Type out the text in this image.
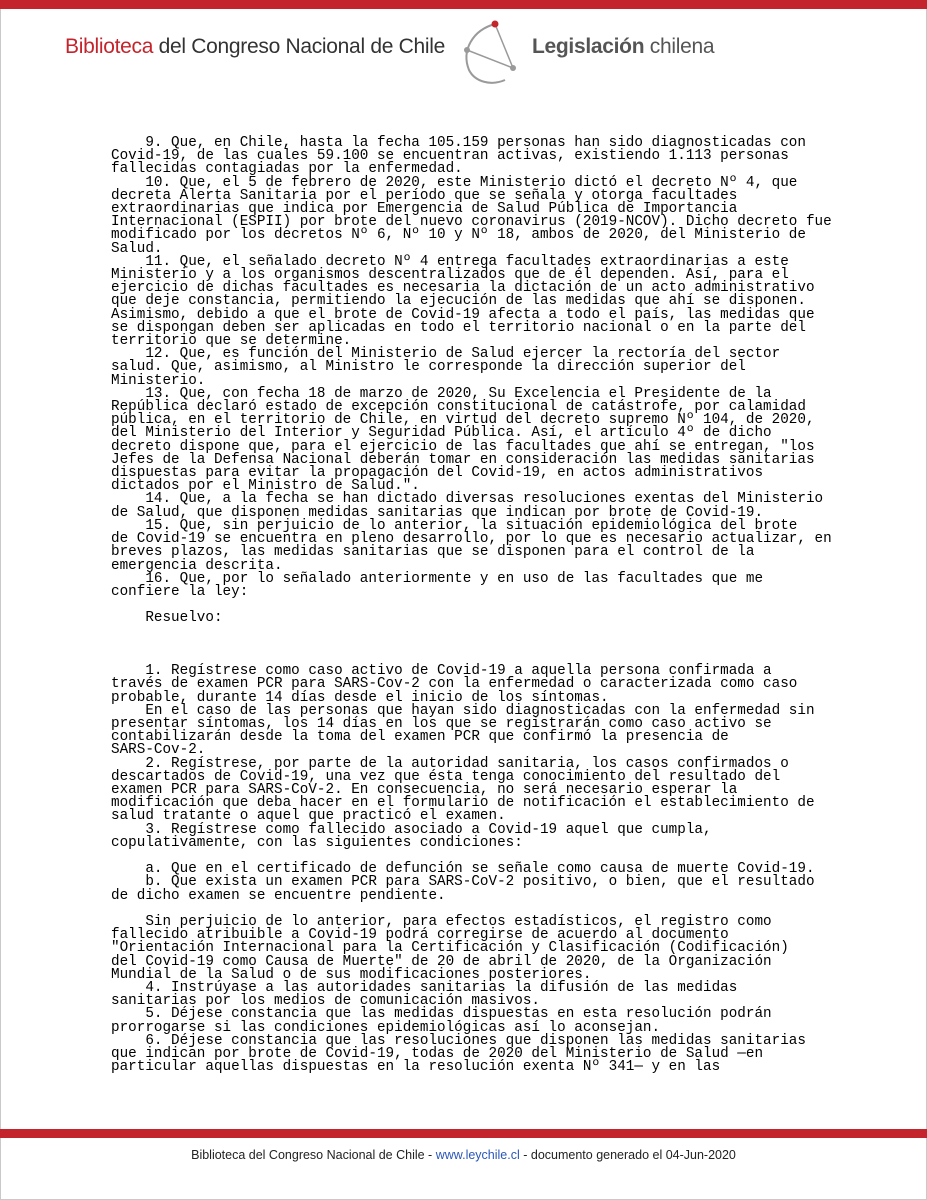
Biblioteca del Congreso Nacional de Chile	Legislación chilena
9. Que, en Chile, hasta la fecha 105.159 personas han sido diagnosticadas con
Covid-19, de las cuales 59.100 se encuentran activas, existiendo 1.113 personas
fallecidas contagiadas por la enfermedad.
10. Que, el 5 de febrero de 2020, este Ministerio dictó el decreto Nº 4, que
decreta Alerta Sanitaria por el período que se señala y otorga facultades
extraordinarias que indica por Emergencia de Salud Pública de Importancia
Internacional (ESPII) por brote del nuevo coronavirus (2019-NCOV). Dicho decreto fue
modificado por los decretos Nº 6, Nº 10 y Nº 18, ambos de 2020, del Ministerio de
Salud.
11. Que, el señalado decreto Nº 4 entrega facultades extraordinarias a este
Ministerio y a los organismos descentralizados que de él dependen. Así, para el
ejercicio de dichas facultades es necesaria la dictación de un acto administrativo
que deje constancia, permitiendo la ejecución de las medidas que ahí se disponen.
Asimismo, debido a que el brote de Covid-19 afecta a todo el país, las medidas que
se dispongan deben ser aplicadas en todo el territorio nacional o en la parte del
territorio que se determine.
12. Que, es función del Ministerio de Salud ejercer la rectoría del sector
salud. Que, asimismo, al Ministro le corresponde la dirección superior del
Ministerio.
13. Que, con fecha 18 de marzo de 2020, Su Excelencia el Presidente de la
República declaró estado de excepción constitucional de catástrofe, por calamidad
pública, en el territorio de Chile, en virtud del decreto supremo Nº 104, de 2020,
del Ministerio del Interior y Seguridad Pública. Así, el artículo 4º de dicho
decreto dispone que, para el ejercicio de las facultades que ahí se entregan, "los
Jefes de la Defensa Nacional deberán tomar en consideración las medidas sanitarias
dispuestas para evitar la propagación del Covid-19, en actos administrativos
dictados por el Ministro de Salud.".
14. Que, a la fecha se han dictado diversas resoluciones exentas del Ministerio
de Salud, que disponen medidas sanitarias que indican por brote de Covid-19.
15. Que, sin perjuicio de lo anterior, la situación epidemiológica del brote
de Covid-19 se encuentra en pleno desarrollo, por lo que es necesario actualizar, en
breves plazos, las medidas sanitarias que se disponen para el control de la
emergencia descrita.
16. Que, por lo señalado anteriormente y en uso de las facultades que me
confiere la ley:

Resuelvo:

1. Regístrese como caso activo de Covid-19 a aquella persona confirmada a
través de examen PCR para SARS-Cov-2 con la enfermedad o caracterizada como caso
probable, durante 14 días desde el inicio de los síntomas.
En el caso de las personas que hayan sido diagnosticadas con la enfermedad sin
presentar síntomas, los 14 días en los que se registrarán como caso activo se
contabilizarán desde la toma del examen PCR que confirmó la presencia de
SARS-Cov-2.
2. Regístrese, por parte de la autoridad sanitaria, los casos confirmados o
descartados de Covid-19, una vez que ésta tenga conocimiento del resultado del
examen PCR para SARS-CoV-2. En consecuencia, no será necesario esperar la
modificación que deba hacer en el formulario de notificación el establecimiento de
salud tratante o aquel que practicó el examen.
3. Regístrese como fallecido asociado a Covid-19 aquel que cumpla,
copulativamente, con las siguientes condiciones:

a. Que en el certificado de defunción se señale como causa de muerte Covid-19.
b. Que exista un examen PCR para SARS-CoV-2 positivo, o bien, que el resultado
de dicho examen se encuentre pendiente.

Sin perjuicio de lo anterior, para efectos estadísticos, el registro como
fallecido atribuible a Covid-19 podrá corregirse de acuerdo al documento
"Orientación Internacional para la Certificación y Clasificación (Codificación)
del Covid-19 como Causa de Muerte" de 20 de abril de 2020, de la Organización
Mundial de la Salud o de sus modificaciones posteriores.
4. Instrúyase a las autoridades sanitarias la difusión de las medidas
sanitarias por los medios de comunicación masivos.
5. Déjese constancia que las medidas dispuestas en esta resolución podrán
prorrogarse si las condiciones epidemiológicas así lo aconsejan.
6. Déjese constancia que las resoluciones que disponen las medidas sanitarias
que indican por brote de Covid-19, todas de 2020 del Ministerio de Salud —en
particular aquellas dispuestas en la resolución exenta Nº 341— y en las
Biblioteca del Congreso Nacional de Chile - www.leychile.cl - documento generado el 04-Jun-2020
